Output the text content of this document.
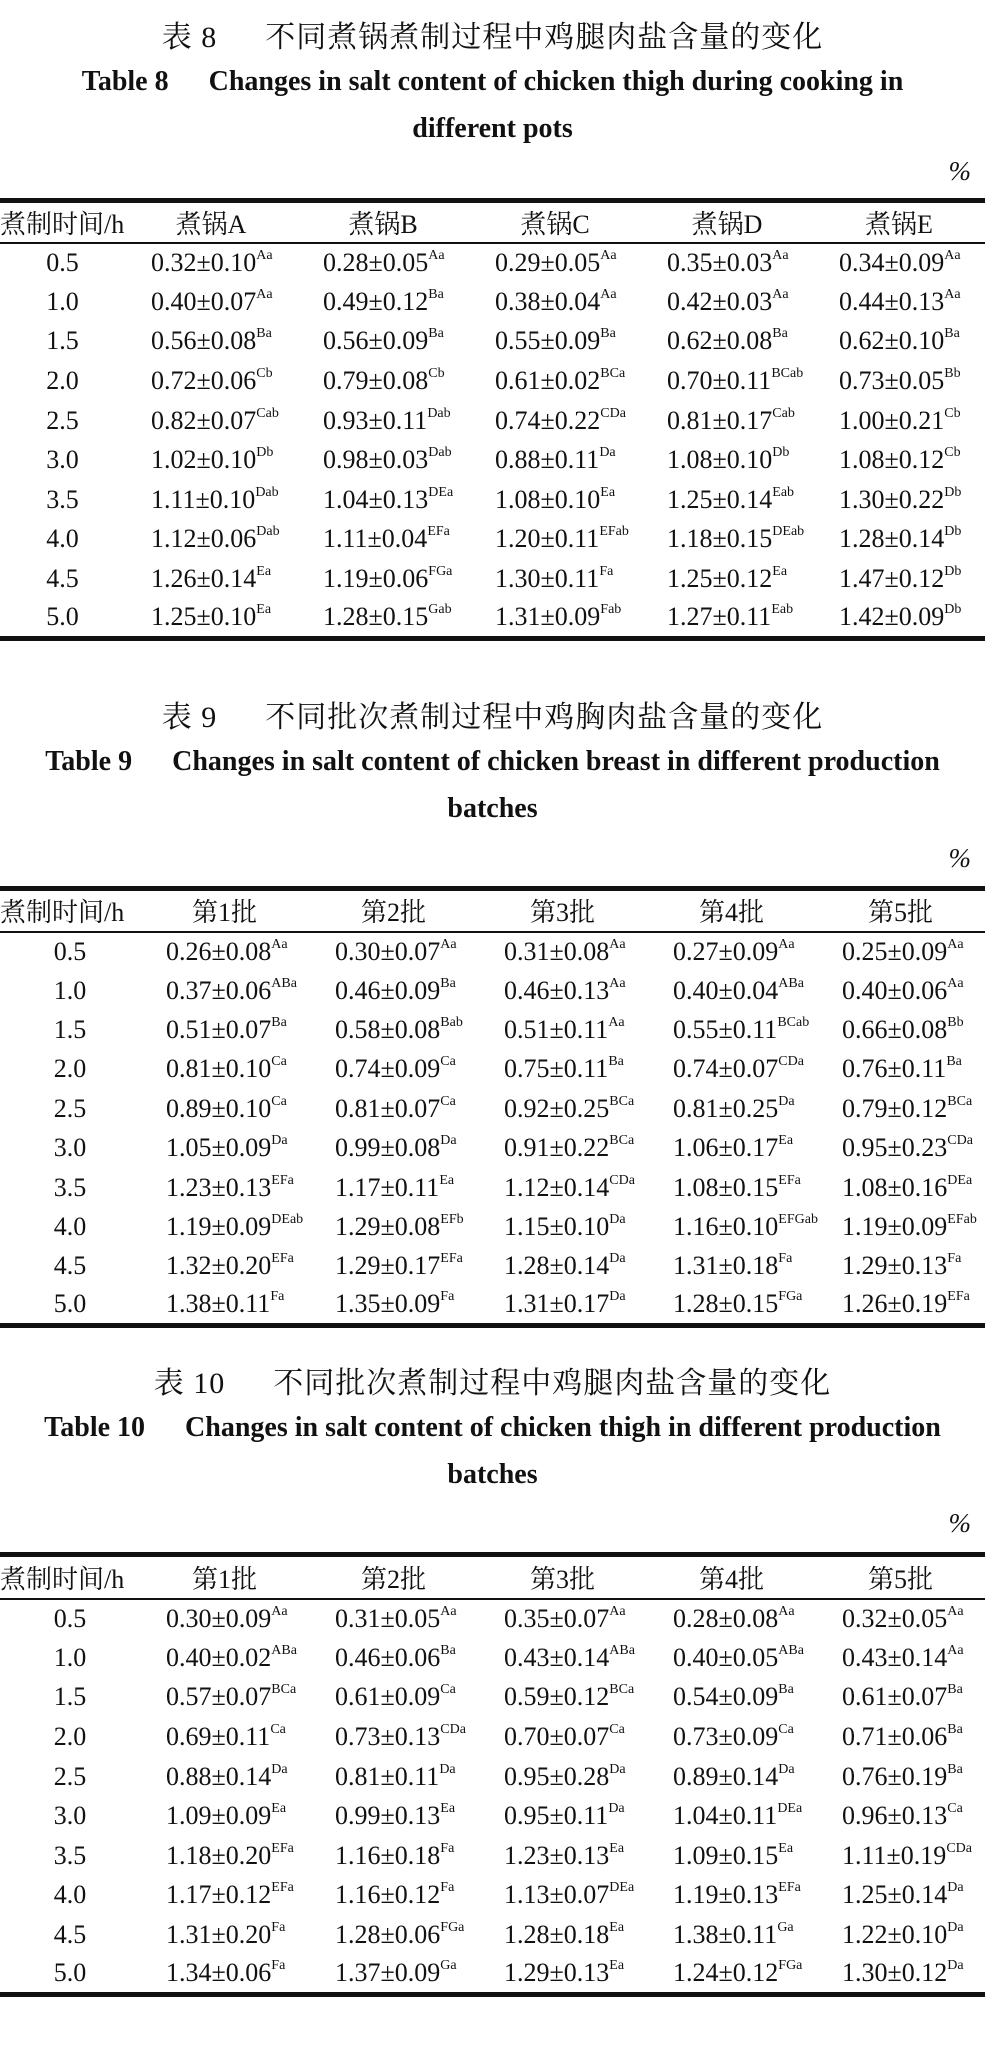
表 8 不同煮锅煮制过程中鸡腿肉盐含量的变化
Table 8 Changes in salt content of chicken thigh during cooking in different pots
%
煮制时间/h	煮锅A	煮锅B	煮锅C	煮锅D	煮锅E
0.5	$0.32\pm 0.10^{Aa}$	$0.28\pm 0.05^{Aa}$	$0.29\pm 0.05^{Aa}$	$0.35\pm 0.03^{Aa}$	$0.34\pm 0.09^{Aa}$
1.0	$0.40\pm 0.07^{Aa}$	$0.49\pm 0.12^{Ba}$	$0.38\pm 0.04^{Aa}$	$0.42\pm 0.03^{Aa}$	$0.44\pm 0.13^{Aa}$
1.5	$0.56\pm 0.08^{Ba}$	$0.56\pm 0.09^{Ba}$	$0.55\pm 0.09^{Ba}$	$0.62\pm 0.08^{Ba}$	$0.62\pm 0.10^{Ba}$
2.0	$0.72\pm 0.06^{Cb}$	$0.79\pm 0.08^{Cb}$	$0.61\pm 0.02^{BCa}$	$0.70\pm 0.11^{BCab}$	$0.73\pm 0.05^{Bb}$
2.5	$0.82\pm 0.07^{Cab}$	$0.93\pm 0.11^{Dab}$	$0.74\pm 0.22^{CDa}$	$0.81\pm 0.17^{Cab}$	$1.00\pm 0.21^{Cb}$
3.0	$1.02\pm 0.10^{Db}$	$0.98\pm 0.03^{Dab}$	$0.88\pm 0.11^{Da}$	$1.08\pm 0.10^{Db}$	$1.08\pm 0.12^{Cb}$
3.5	$1.11\pm 0.10^{Dab}$	$1.04\pm 0.13^{DEa}$	$1.08\pm 0.10^{Ea}$	$1.25\pm 0.14^{Eab}$	$1.30\pm 0.22^{Db}$
4.0	$1.12\pm 0.06^{Dab}$	$1.11\pm 0.04^{EFa}$	$1.20\pm 0.11^{EFab}$	$1.18\pm 0.15^{DEab}$	$1.28\pm 0.14^{Db}$
4.5	$1.26\pm 0.14^{Ea}$	$1.19\pm 0.06^{FGa}$	$1.30\pm 0.11^{Fa}$	$1.25\pm 0.12^{Ea}$	$1.47\pm 0.12^{Db}$
5.0	$1.25\pm 0.10^{Ea}$	$1.28\pm 0.15^{Gab}$	$1.31\pm 0.09^{Fab}$	$1.27\pm 0.11^{Eab}$	$1.42\pm 0.09^{Db}$
表 9 不同批次煮制过程中鸡胸肉盐含量的变化
Table 9 Changes in salt content of chicken breast in different production batches
%
煮制时间/h	第1批	第2批	第3批	第4批	第5批
0.5	$0.26\pm 0.08^{Aa}$	$0.30\pm 0.07^{Aa}$	$0.31\pm 0.08^{Aa}$	$0.27\pm 0.09^{Aa}$	$0.25\pm 0.09^{Aa}$
1.0	$0.37\pm 0.06^{ABa}$	$0.46\pm 0.09^{Ba}$	$0.46\pm 0.13^{Aa}$	$0.40\pm 0.04^{ABa}$	$0.40\pm 0.06^{Aa}$
1.5	$0.51\pm 0.07^{Ba}$	$0.58\pm 0.08^{Bab}$	$0.51\pm 0.11^{Aa}$	$0.55\pm 0.11^{BCab}$	$0.66\pm 0.08^{Bb}$
2.0	$0.81\pm 0.10^{Ca}$	$0.74\pm 0.09^{Ca}$	$0.75\pm 0.11^{Ba}$	$0.74\pm 0.07^{CDa}$	$0.76\pm 0.11^{Ba}$
2.5	$0.89\pm 0.10^{Ca}$	$0.81\pm 0.07^{Ca}$	$0.92\pm 0.25^{BCa}$	$0.81\pm 0.25^{Da}$	$0.79\pm 0.12^{BCa}$
3.0	$1.05\pm 0.09^{Da}$	$0.99\pm 0.08^{Da}$	$0.91\pm 0.22^{BCa}$	$1.06\pm 0.17^{Ea}$	$0.95\pm 0.23^{CDa}$
3.5	$1.23\pm 0.13^{EFa}$	$1.17\pm 0.11^{Ea}$	$1.12\pm 0.14^{CDa}$	$1.08\pm 0.15^{EFa}$	$1.08\pm 0.16^{DEa}$
4.0	$1.19\pm 0.09^{DEab}$	$1.29\pm 0.08^{EFb}$	$1.15\pm 0.10^{Da}$	$1.16\pm 0.10^{EFGab}$	$1.19\pm 0.09^{EFab}$
4.5	$1.32\pm 0.20^{EFa}$	$1.29\pm 0.17^{EFa}$	$1.28\pm 0.14^{Da}$	$1.31\pm 0.18^{Fa}$	$1.29\pm 0.13^{Fa}$
5.0	$1.38\pm 0.11^{Fa}$	$1.35\pm 0.09^{Fa}$	$1.31\pm 0.17^{Da}$	$1.28\pm 0.15^{FGa}$	$1.26\pm 0.19^{EFa}$
表 10 不同批次煮制过程中鸡腿肉盐含量的变化
Table 10 Changes in salt content of chicken thigh in different production batches
%
煮制时间/h	第1批	第2批	第3批	第4批	第5批
0.5	$0.30\pm 0.09^{Aa}$	$0.31\pm 0.05^{Aa}$	$0.35\pm 0.07^{Aa}$	$0.28\pm 0.08^{Aa}$	$0.32\pm 0.05^{Aa}$
1.0	$0.40\pm 0.02^{ABa}$	$0.46\pm 0.06^{Ba}$	$0.43\pm 0.14^{ABa}$	$0.40\pm 0.05^{ABa}$	$0.43\pm 0.14^{Aa}$
1.5	$0.57\pm 0.07^{BCa}$	$0.61\pm 0.09^{Ca}$	$0.59\pm 0.12^{BCa}$	$0.54\pm 0.09^{Ba}$	$0.61\pm 0.07^{Ba}$
2.0	$0.69\pm 0.11^{Ca}$	$0.73\pm 0.13^{CDa}$	$0.70\pm 0.07^{Ca}$	$0.73\pm 0.09^{Ca}$	$0.71\pm 0.06^{Ba}$
2.5	$0.88\pm 0.14^{Da}$	$0.81\pm 0.11^{Da}$	$0.95\pm 0.28^{Da}$	$0.89\pm 0.14^{Da}$	$0.76\pm 0.19^{Ba}$
3.0	$1.09\pm 0.09^{Ea}$	$0.99\pm 0.13^{Ea}$	$0.95\pm 0.11^{Da}$	$1.04\pm 0.11^{DEa}$	$0.96\pm 0.13^{Ca}$
3.5	$1.18\pm 0.20^{EFa}$	$1.16\pm 0.18^{Fa}$	$1.23\pm 0.13^{Ea}$	$1.09\pm 0.15^{Ea}$	$1.11\pm 0.19^{CDa}$
4.0	$1.17\pm 0.12^{EFa}$	$1.16\pm 0.12^{Fa}$	$1.13\pm 0.07^{DEa}$	$1.19\pm 0.13^{EFa}$	$1.25\pm 0.14^{Da}$
4.5	$1.31\pm 0.20^{Fa}$	$1.28\pm 0.06^{FGa}$	$1.28\pm 0.18^{Ea}$	$1.38\pm 0.11^{Ga}$	$1.22\pm 0.10^{Da}$
5.0	$1.34\pm 0.06^{Fa}$	$1.37\pm 0.09^{Ga}$	$1.29\pm 0.13^{Ea}$	$1.24\pm 0.12^{FGa}$	$1.30\pm 0.12^{Da}$
